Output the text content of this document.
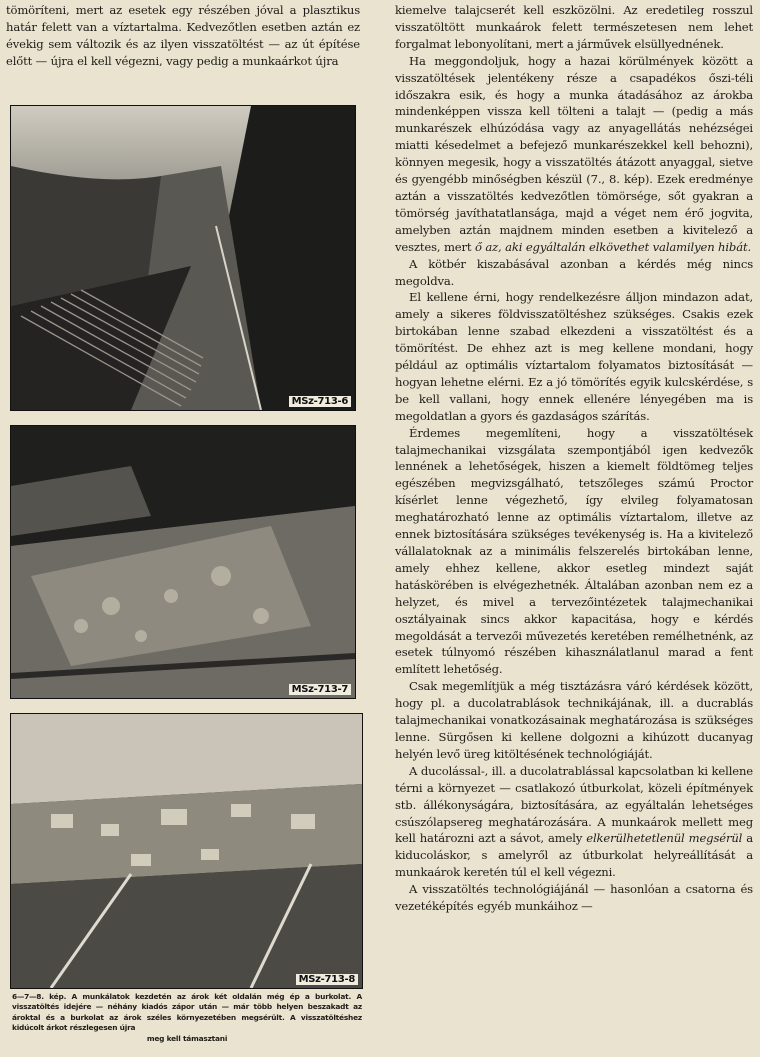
tömöríteni, mert az esetek egy részében jóval a plasztikus határ felett van a víztartalma. Kedvezőtlen esetben aztán ez évekig sem változik és az ilyen visszatöltést — az út építése előtt — újra el kell végezni, vagy pedig a munkaárkot újra

MSz-713-6
MSz-713-7
MSz-713-8
6—7—8. kép. A munkálatok kezdetén az árok két oldalán még ép a burkolat. A visszatöltés idejére — néhány kiadós zápor után — már több helyen beszakadt az ároktal és a burkolat az árok széles környezetében megsérült. A visszatöltéshez kidúcolt árkot részlegesen újra
meg kell támasztani

kiemelve talajcserét kell eszközölni. Az eredetileg rosszul visszatöltött munkaárok felett természetesen nem lehet forgalmat lebonyolítani, mert a járművek elsüllyednének.

Ha meggondoljuk, hogy a hazai körülmények között a visszatöltések jelentékeny része a csapadékos őszi-téli időszakra esik, és hogy a munka átadásához az árokba mindenképpen vissza kell tölteni a talajt — (pedig a más munkarészek elhúzódása vagy az anyagellátás nehézségei miatti késedelmet a befejező munkarészekkel kell behozni), könnyen megesik, hogy a visszatöltés átázott anyaggal, sietve és gyengébb minőségben készül (7., 8. kép). Ezek eredménye aztán a visszatöltés kedvezőtlen tömörsége, sőt gyakran a tömörség javíthatatlansága, majd a véget nem érő jogvita, amelyben aztán majdnem minden esetben a kivitelező a vesztes, mert ő az, aki egyáltalán elkövethet valamilyen hibát.

A kötbér kiszabásával azonban a kérdés még nincs megoldva.

El kellene érni, hogy rendelkezésre álljon mindazon adat, amely a sikeres földvisszatöltéshez szükséges. Csakis ezek birtokában lenne szabad elkezdeni a visszatöltést és a tömörítést. De ehhez azt is meg kellene mondani, hogy például az optimális víztartalom folyamatos biztosítását — hogyan lehetne elérni. Ez a jó tömörítés egyik kulcskérdése, s be kell vallani, hogy ennek ellenére lényegében ma is megoldatlan a gyors és gazdaságos szárítás.

Érdemes megemlíteni, hogy a visszatöltések talajmechanikai vizsgálata szempontjából igen kedvezők lennének a lehetőségek, hiszen a kiemelt földtömeg teljes egészében megvizsgálható, tetszőleges számú Proctor kísérlet lenne végezhető, így elvileg folyamatosan meghatározható lenne az optimális víztartalom, illetve az ennek biztosítására szükséges tevékenység is. Ha a kivitelező vállalatoknak az a minimális felszerelés birtokában lenne, amely ehhez kellene, akkor esetleg mindezt saját hatáskörében is elvégezhetnék. Általában azonban nem ez a helyzet, és mivel a tervezőintézetek talajmechanikai osztályainak sincs akkor kapacitása, hogy e kérdés megoldását a tervezői művezetés keretében remélhetnénk, az esetek túlnyomó részében kihasználatlanul marad a fent említett lehetőség.

Csak megemlítjük a még tisztázásra váró kérdések között, hogy pl. a ducolatrablások technikájának, ill. a ducrablás talajmechanikai vonatkozásainak meghatározása is szükséges lenne. Sürgősen ki kellene dolgozni a kihúzott ducanyag helyén levő üreg kitöltésének technológiáját.

A ducolással-, ill. a ducolatrablással kapcsolatban ki kellene térni a környezet — csatlakozó útburkolat, közeli építmények stb. állékonyságára, biztosítására, az egyáltalán lehetséges csúszólapsereg meghatározására. A munkaárok mellett meg kell határozni azt a sávot, amely elkerülhetetlenül megsérül a kiducoláskor, s amelyről az útburkolat helyreállítását a munkaárok keretén túl el kell végezni.

A visszatöltés technológiájánál — hasonlóan a csatorna és vezetéképítés egyéb munkáihoz —
